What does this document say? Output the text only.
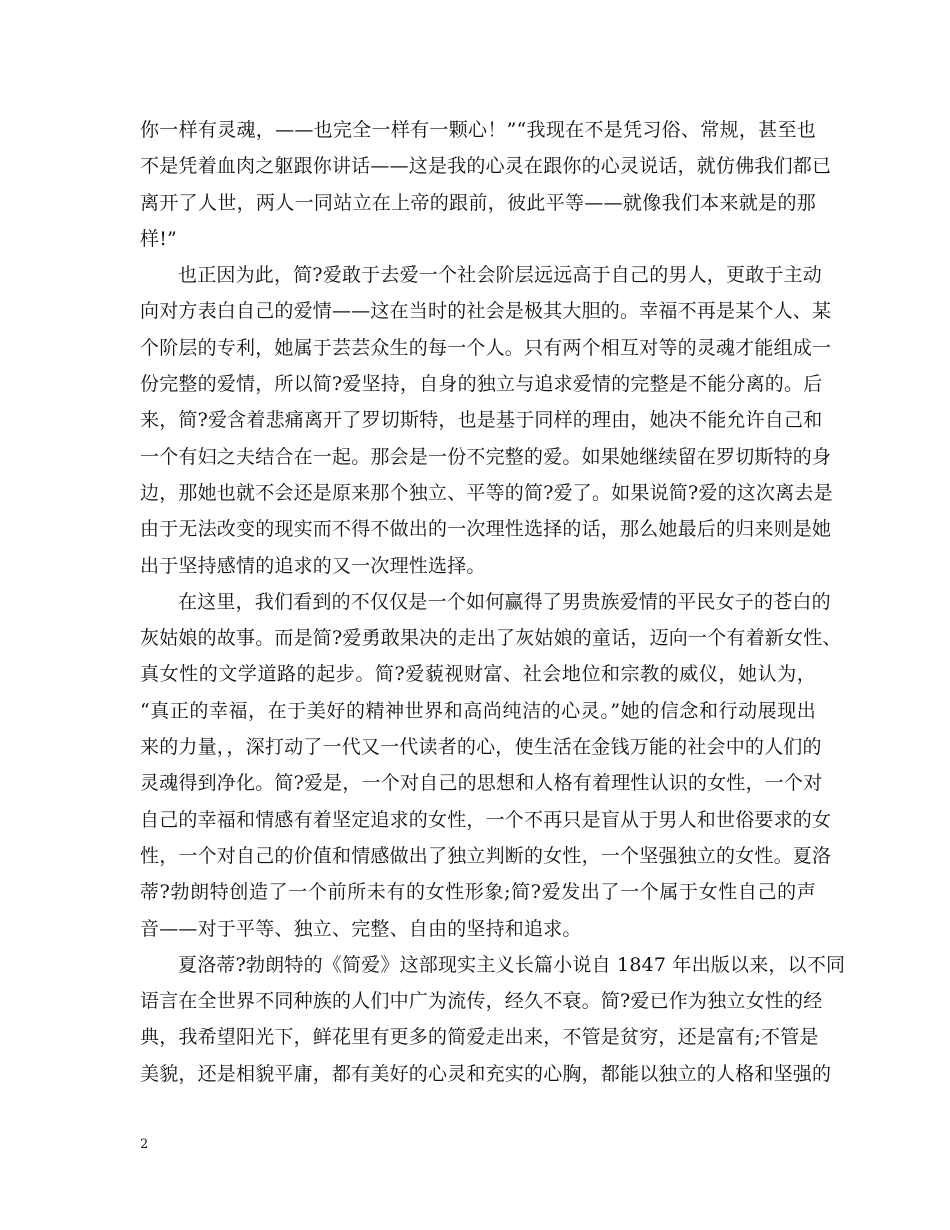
你一样有灵魂，——也完全一样有一颗心！”“我现在不是凭习俗、常规，甚至也
不是凭着血肉之躯跟你讲话——这是我的心灵在跟你的心灵说话，就仿佛我们都已
离开了人世，两人一同站立在上帝的跟前，彼此平等——就像我们本来就是的那
样!”
也正因为此，简?爱敢于去爱一个社会阶层远远高于自己的男人，更敢于主动
向对方表白自己的爱情——这在当时的社会是极其大胆的。幸福不再是某个人、某
个阶层的专利，她属于芸芸众生的每一个人。只有两个相互对等的灵魂才能组成一
份完整的爱情，所以简?爱坚持，自身的独立与追求爱情的完整是不能分离的。后
来，简?爱含着悲痛离开了罗切斯特，也是基于同样的理由，她决不能允许自己和
一个有妇之夫结合在一起。那会是一份不完整的爱。如果她继续留在罗切斯特的身
边，那她也就不会还是原来那个独立、平等的简?爱了。如果说简?爱的这次离去是
由于无法改变的现实而不得不做出的一次理性选择的话，那么她最后的归来则是她
出于坚持感情的追求的又一次理性选择。
在这里，我们看到的不仅仅是一个如何赢得了男贵族爱情的平民女子的苍白的
灰姑娘的故事。而是简?爱勇敢果决的走出了灰姑娘的童话，迈向一个有着新女性、
真女性的文学道路的起步。简?爱藐视财富、社会地位和宗教的威仪，她认为，
“真正的幸福，在于美好的精神世界和高尚纯洁的心灵。”她的信念和行动展现出
来的力量，，深打动了一代又一代读者的心，使生活在金钱万能的社会中的人们的
灵魂得到净化。简?爱是，一个对自己的思想和人格有着理性认识的女性，一个对
自己的幸福和情感有着坚定追求的女性，一个不再只是盲从于男人和世俗要求的女
性，一个对自己的价值和情感做出了独立判断的女性，一个坚强独立的女性。夏洛
蒂?勃朗特创造了一个前所未有的女性形象;简?爱发出了一个属于女性自己的声
音——对于平等、独立、完整、自由的坚持和追求。
夏洛蒂?勃朗特的《简爱》这部现实主义长篇小说自 1847 年出版以来，以不同
语言在全世界不同种族的人们中广为流传，经久不衰。简?爱已作为独立女性的经
典，我希望阳光下，鲜花里有更多的简爱走出来，不管是贫穷，还是富有;不管是
美貌，还是相貌平庸，都有美好的心灵和充实的心胸，都能以独立的人格和坚强的
2
